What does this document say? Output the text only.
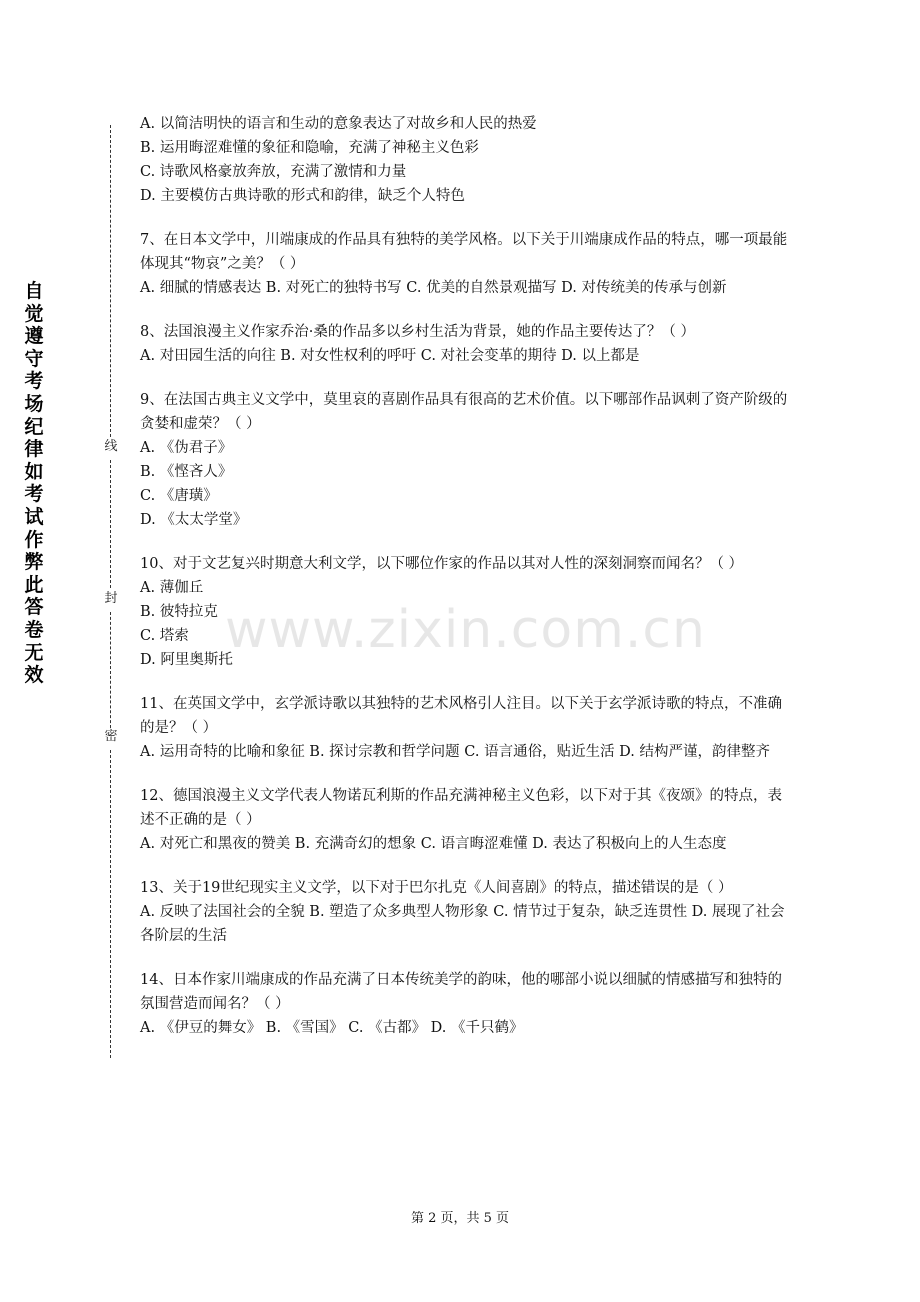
自
觉
遵
守
考
场
纪
律
如
考
试
作
弊
此
答
卷
无
效
线
封
密
A. 以简洁明快的语言和生动的意象表达了对故乡和人民的热爱
B. 运用晦涩难懂的象征和隐喻，充满了神秘主义色彩
C. 诗歌风格豪放奔放，充满了激情和力量
D. 主要模仿古典诗歌的形式和韵律，缺乏个人特色
7、在日本文学中，川端康成的作品具有独特的美学风格。以下关于川端康成作品的特点，哪一项最能体现其“物哀”之美？（ ）
A. 细腻的情感表达 B. 对死亡的独特书写 C. 优美的自然景观描写 D. 对传统美的传承与创新
8、法国浪漫主义作家乔治·桑的作品多以乡村生活为背景，她的作品主要传达了？（ ）
A. 对田园生活的向往 B. 对女性权利的呼吁 C. 对社会变革的期待 D. 以上都是
9、在法国古典主义文学中，莫里哀的喜剧作品具有很高的艺术价值。以下哪部作品讽刺了资产阶级的贪婪和虚荣？（ ）
A. 《伪君子》
B. 《悭吝人》
C. 《唐璜》
D. 《太太学堂》
10、对于文艺复兴时期意大利文学，以下哪位作家的作品以其对人性的深刻洞察而闻名？（ ）
A. 薄伽丘
B. 彼特拉克
C. 塔索
D. 阿里奥斯托
11、在英国文学中，玄学派诗歌以其独特的艺术风格引人注目。以下关于玄学派诗歌的特点，不准确的是？（ ）
A. 运用奇特的比喻和象征 B. 探讨宗教和哲学问题 C. 语言通俗，贴近生活 D. 结构严谨，韵律整齐
12、德国浪漫主义文学代表人物诺瓦利斯的作品充满神秘主义色彩，以下对于其《夜颂》的特点，表述不正确的是（ ）
A. 对死亡和黑夜的赞美 B. 充满奇幻的想象 C. 语言晦涩难懂 D. 表达了积极向上的人生态度
13、关于19世纪现实主义文学，以下对于巴尔扎克《人间喜剧》的特点，描述错误的是（ ）
A. 反映了法国社会的全貌 B. 塑造了众多典型人物形象 C. 情节过于复杂，缺乏连贯性 D. 展现了社会各阶层的生活
14、日本作家川端康成的作品充满了日本传统美学的韵味，他的哪部小说以细腻的情感描写和独特的氛围营造而闻名？（ ）
A. 《伊豆的舞女》 B. 《雪国》 C. 《古都》 D. 《千只鹤》
www.zixin.com.cn
第 2 页，共 5 页
